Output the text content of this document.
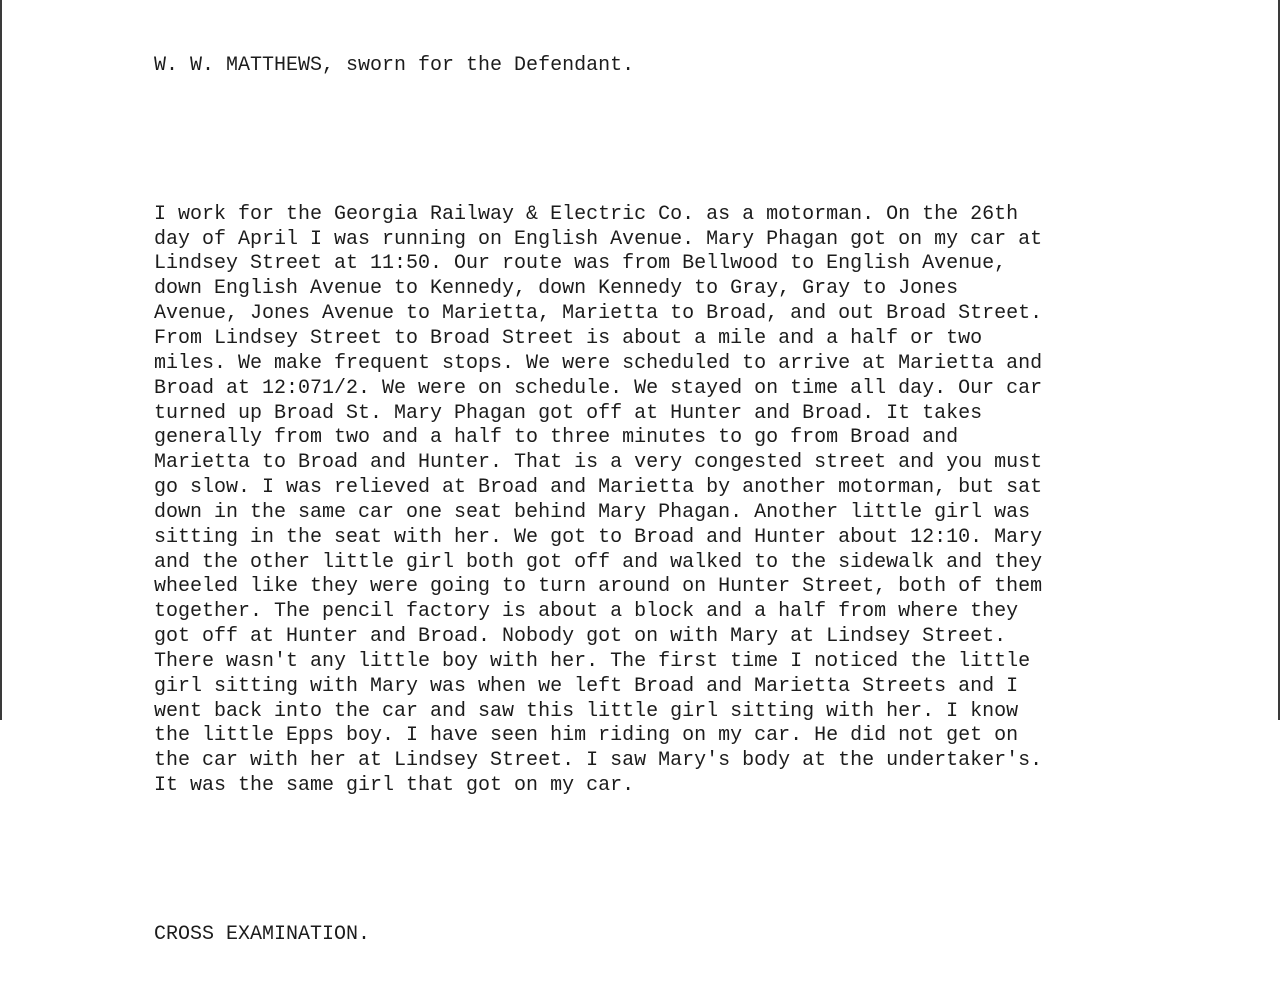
W. W. MATTHEWS, sworn for the Defendant.

I work for the Georgia Railway & Electric Co. as a motorman. On the 26th
day of April I was running on English Avenue. Mary Phagan got on my car at
Lindsey Street at 11:50. Our route was from Bellwood to English Avenue,
down English Avenue to Kennedy, down Kennedy to Gray, Gray to Jones
Avenue, Jones Avenue to Marietta, Marietta to Broad, and out Broad Street.
From Lindsey Street to Broad Street is about a mile and a half or two
miles. We make frequent stops. We were scheduled to arrive at Marietta and
Broad at 12:071/2. We were on schedule. We stayed on time all day. Our car
turned up Broad St. Mary Phagan got off at Hunter and Broad. It takes
generally from two and a half to three minutes to go from Broad and
Marietta to Broad and Hunter. That is a very congested street and you must
go slow. I was relieved at Broad and Marietta by another motorman, but sat
down in the same car one seat behind Mary Phagan. Another little girl was
sitting in the seat with her. We got to Broad and Hunter about 12:10. Mary
and the other little girl both got off and walked to the sidewalk and they
wheeled like they were going to turn around on Hunter Street, both of them
together. The pencil factory is about a block and a half from where they
got off at Hunter and Broad. Nobody got on with Mary at Lindsey Street.
There wasn't any little boy with her. The first time I noticed the little
girl sitting with Mary was when we left Broad and Marietta Streets and I
went back into the car and saw this little girl sitting with her. I know
the little Epps boy. I have seen him riding on my car. He did not get on
the car with her at Lindsey Street. I saw Mary's body at the undertaker's.
It was the same girl that got on my car.

CROSS EXAMINATION.
